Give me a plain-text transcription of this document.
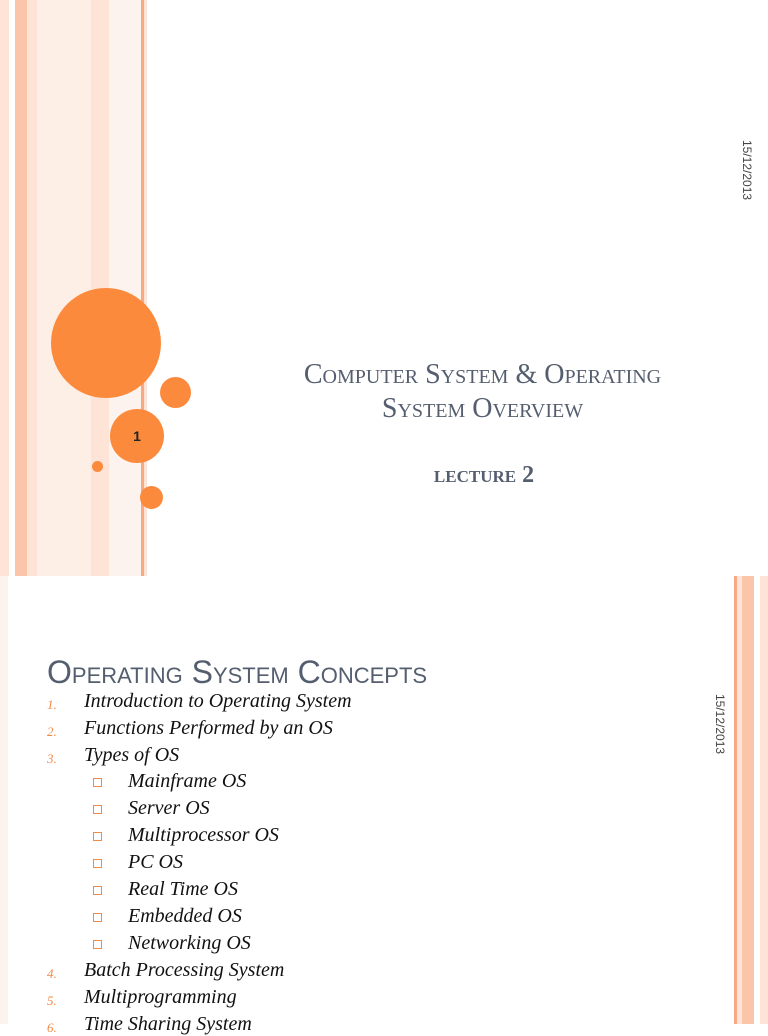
1
15/12/2013
Computer System & Operating
System Overview
lecture 2
15/12/2013
Operating System Concepts
1. Introduction to Operating System
2. Functions Performed by an OS
3. Types of OS
Mainframe OS
Server OS
Multiprocessor OS
PC OS
Real Time OS
Embedded OS
Networking OS
4. Batch Processing System
5. Multiprogramming
6. Time Sharing System
